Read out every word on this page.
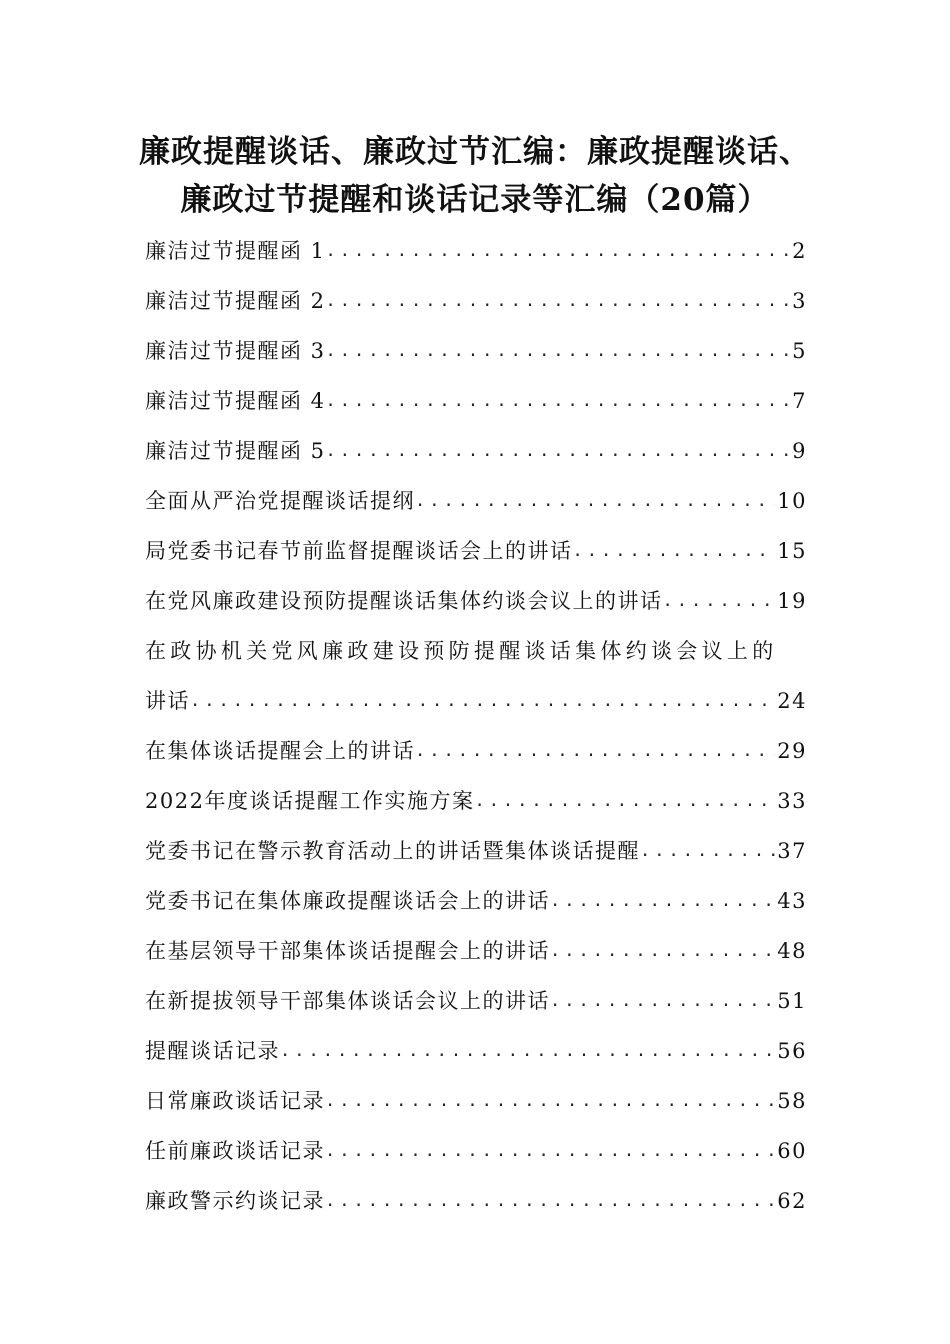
廉政提醒谈话、廉政过节汇编：廉政提醒谈话、
廉政过节提醒和谈话记录等汇编（20篇）
廉洁过节提醒函 1 .....	2
廉洁过节提醒函 2 .....	3
廉洁过节提醒函 3 .....	5
廉洁过节提醒函 4 .....	7
廉洁过节提醒函 5 .....	9
全面从严治党提醒谈话提纲 .....	10
局党委书记春节前监督提醒谈话会上的讲话 .....	15
在党风廉政建设预防提醒谈话集体约谈会议上的讲话 .....	19
在政协机关党风廉政建设预防提醒谈话集体约谈会议上的
讲话 .....	24
在集体谈话提醒会上的讲话 .....	29
2022年度谈话提醒工作实施方案 .....	33
党委书记在警示教育活动上的讲话暨集体谈话提醒 .....	37
党委书记在集体廉政提醒谈话会上的讲话 .....	43
在基层领导干部集体谈话提醒会上的讲话 .....	48
在新提拔领导干部集体谈话会议上的讲话 .....	51
提醒谈话记录 .....	56
日常廉政谈话记录 .....	58
任前廉政谈话记录 .....	60
廉政警示约谈记录 .....	62
